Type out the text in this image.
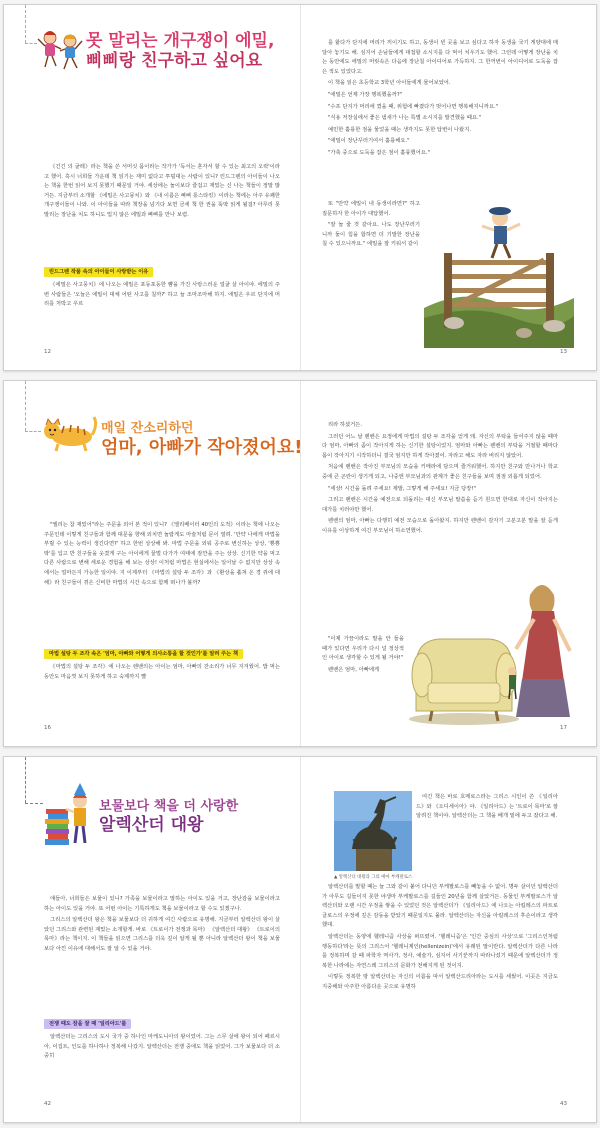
못 말리는 개구쟁이 에밀,
삐삐랑 친구하고 싶어요

《긴긴 의 굴레》라는 책을 쓴 서머싯 몸이라는 작가가 '독서는 혼자서 할 수 있는 최고의 오락'이라고 했어. 혹시 너희들 가운데 책 읽기는 재미 없다고 투덜대는 사람이 있니? 린드그렌의 아이들이 나오는 책을 한번 읽어 보지 못했기 때문일 거야. 세상에는 놀이보다 즐겁고 재밌는 신 나는 책들이 정말 많거든. 지금부터 소개할 《에밀은 사고뭉치》와 《내 이름은 삐삐 롱스타킹》이라는 책에는 아주 유쾌한 개구쟁이들이 나와. 이 아이들을 따라 책장을 넘기다 보면 금세 책 한 권을 뚝딱 읽게 될걸? 아무리 못 말리는 장난을 치도 하니도 밉지 않은 에밀과 삐삐를 만나 보렴.

린드그렌 작품 속의 아이들이 사랑받는 이유

《에밀은 사고뭉치》에 나오는 에밀은 포동포동한 뺨을 가진 사랑스러운 얼굴 살 아이야. 에밀의 주변 사람들은 '오늘은 에밀이 대체 어떤 사고를 칠까?' 하고 늘 조마조마해 하지. 에밀은 우르 단지에 머리를 처박고 우르

12

를 핥다가 단지에 머리가 끼이기도 하고, 동생이 빈 곳을 보고 싶다고 하자 동생을 국기 게양대에 매달아 놓기도 해. 심지어 손님들에게 대접할 소시지를 다 먹어 치우기도 했어. 그런데 어떻게 장난을 치는 동안에도 에밀의 머릿속은 다음에 장난칠 아이디어로 가득하지. 그 한꺼번이 아이디어로 도둑을 잡은 적도 있었다고.

이 책을 읽은 초등학교 3학년 아이들에게 물어보았어.

"에밀은 언제 가장 행복했을까?"

"수프 단지가 머리에 꼈을 때, 위험에 빠졌다가 벗어나면 행복해지니까요."

"식용 저장실에서 좋은 냄새가 나는 특별 소시지를 발견했을 때요."

예민한 훌륭한 점을 물었을 때는 생각지도 못한 답변이 나왔지.

"에밀이 장난꾸러기여서 훌륭해요."

"가축 중으로 도둑을 잡은 점이 훌륭했어요."

또 "만약 에밀이 내 동생이라면?" 하고 질문하자 한 아이가 대답했어.

"잘 놀 줄 것 같아요. 나도 장난꾸러기 니까 둘이 힘을 합하면 더 기발한 장난을 칠 수 있으니까요." 에밀을 잘 키워서 같이

13
매일 잔소리하던
엄마, 아빠가 작아졌어요!

"엘리는 참 재밌어"라는 주문을 외어 본 적이 있니? 《엘리베이터 40인의 도적》이라는 책에 나오는 주문인데 이렇게 친구들과 함께 대문을 향해 외치면 놀랍게도 마술처럼 문이 열려. '만약 나에게 마법을 부릴 수 있는 능력이 생긴다면?' 하고 한번 상상해 봐. 마법 주문을 외워 공주로 변신하는 상상, '뿅뿅 딱'를 입고 반 친구들을 웃겼게 구는 아이에게 꿀벌 다가가 여태에 잠깐을 주는 상상. 신기한 약을 먹고 다른 사람으로 변해 세로운 경험을 해 보는 상상! 이처럼 마법은 현실에서는 일어날 수 없지만 상상 속에서는 얼마든지 가능한 일이야. 지 이제부터 《마법의 설탕 두 조각》과 《환상을 훔쳐 온 경 쥐에 대해》라 친구들이 겪은 신비한 마법의 시간 속으로 함께 떠나가 볼까?

마법 설탕 두 조각 속은 '엄마, 아빠와 어떻게 의사소통을 할 것인가'를 알려 주는 책

《마법의 설탕 두 조각》에 나오는 렌밴의는 아이는 엄마, 아빠의 잔소리가 너무 지겨웠어. 밥 먹는 동안도 마음껏 보지 못하게 하고 숙제까지 빨

16

리라 하셨거든.

그러던 어느 날 렌밴은 요정에게 마법의 설탕 두 조각을 얻게 돼. 자신의 부탁을 들어주지 않을 때마다 엄마, 아빠의 좀이 작아지게 하는 신기한 설탕이었지. 엄마와 아빠는 렌밴의 부탁을 거절할 때마다 몸이 작아지기 시작하더니 결국 엄지만 하게 작아졌어. 자라고 해도 자라 버리지 않았어.

처음에 렌밴은 작아진 부모님의 모습을 키메라에 담으며 즐거워했어. 하지만 친구와 만나거나 학교 중에 큰 곤란이 생기게 되고, 나중엔 부모님과의 관계가 좋은 친구들을 보며 점점 외롭게 되었어.

"세상! 시간을 돌려 주세요! 제발, 그렇게 해 주세요! 지금 당장!"

그리고 렌밴은 시간을 예전으로 되돌리는 대신 부모님 말씀을 듣기 원으면 한대로 자신이 작아지는 대가를 치러야만 했어.

렌밴의 엄마, 아빠는 다행히 예전 모습으로 돌아왔지. 하지만 렌밴이 감자기 고분고분 말을 잘 듣게 이유를 이상하게 여긴 부모님이 하소연했어.

"이제 가끔이라도 말을 안 들을 때가 있다면 우리가 다시 널 정상적인 아이로 생각할 수 있게 될 거야!"

렌밴은 엄마, 아빠에게

17
보물보다 책을 더 사랑한
알렉산더 대왕

얘들아, 너희들은 보물이 있니? 가족을 보물이라고 말하는 아이도 있을 거고, 장난감을 보물이라고 하는 아이도 있을 거야. 또 어떤 아이는 기특하게도 책을 보물이라고 할 수도 있겠구나.

그리스의 알렉산더 왕은 책을 보물보다 더 귀하게 여긴 사람으로 유명해. 지금부터 알렉산더 왕이 살았던 그리스와 관련된 재밌는 소개할게. 바로 《트로이가 전쟁과 목마》 《알렉산더 대왕》 《트로이의 목마》라는 책이지. 이 책들을 읽으면 그리스를 더욱 깊이 알게 될 뿐 아니라 알렉산더 왕이 책을 보물보다 아낀 이유에 대해서도 잘 알 수 있을 거야.

전쟁 때도 잠을 잘 때 '일리아드'를

알렉산더는 그리스의 도시 국가 중 하나인 마케도니아의 왕이었어. 그는 스무 살에 왕이 되어 페르시아, 이집트, 인도를 하나하나 정복해 나갔지. 알렉산더는 전쟁 중에도 책을 읽었어. 그가 보물보다 더 소중히

42
▲ 알렉산더 대왕과 그의 애마 부케팔로스

여긴 책은 바로 호메로스라는 그리스 시인이 쓴 《일리아드》와 《오디세이아》야. 《일리아드》는 '트로이 목마'로 잘 알려진 책이야. 알렉산더는 그 책을 베개 밑에 두고 잤다고 해.

알렉산더를 말할 때는 늘 그와 같이 붙어 다니던 부케팔로스를 빼놓을 수 없어. 명두 살이던 알렉산더가 아무도 길들이지 못한 야생마 부케팔로스를 길들인 20년을 함께 살았거든. 동물인 부케팔로스가 알렉산더와 오랜 시간 우정을 쌓을 수 있었던 것은 알렉산더가 《일리아드》에 나오는 아킬레스의 파트로클로스의 우정에 깊은 감동을 받았기 때문일지도 몰라. 알렉산더는 자신을 아킬레스의 후손이라고 생각했대.

알렉산더는 동양에 헬레니즘 사상을 퍼뜨렸어. '헬레니즘'은 '인간 중심의 사상'으로 '그리스인처럼 행동하다'라는 뜻의 그리스어 '헬레니제인(hellenizein)'에서 유래된 말이란다. 알렉산더가 다른 나라를 정복하며 갈 때 파학자 역사가, 정사, 예술가, 심지어 사기꾼까지 따라나섰기 때문에 알렉산더가 정복한 나라에는 자연스레 그리스의 문화가 전해지게 된 것이지.

이렇듯 정복한 땅 알렉산더는 자신의 이름을 따서 알렉산드리아라는 도시를 세웠어. 이곳은 지금도 지중해와 아주한 아름다운 곳으로 유명하

43
